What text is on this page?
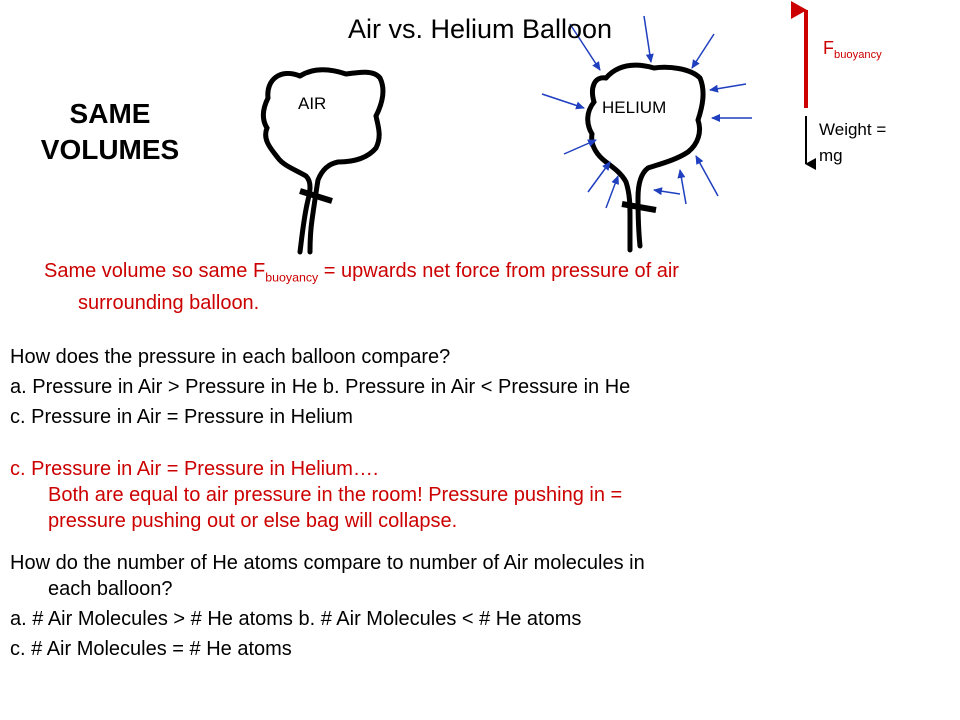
Air vs. Helium Balloon
SAME
VOLUMES
AIR	HELIUM
$F_{buoyancy}$
Weight =
mg
Same volume so same $F_{buoyancy}$ = upwards net force from pressure of air
surrounding balloon.
How does the pressure in each balloon compare?
a. Pressure in Air > Pressure in He b. Pressure in Air < Pressure in He
c. Pressure in Air = Pressure in Helium
c. Pressure in Air = Pressure in Helium….
Both are equal to air pressure in the room! Pressure pushing in =
pressure pushing out or else bag will collapse.
How do the number of He atoms compare to number of Air molecules in
each balloon?
a. # Air Molecules > # He atoms b. # Air Molecules < # He atoms
c. # Air Molecules = # He atoms
